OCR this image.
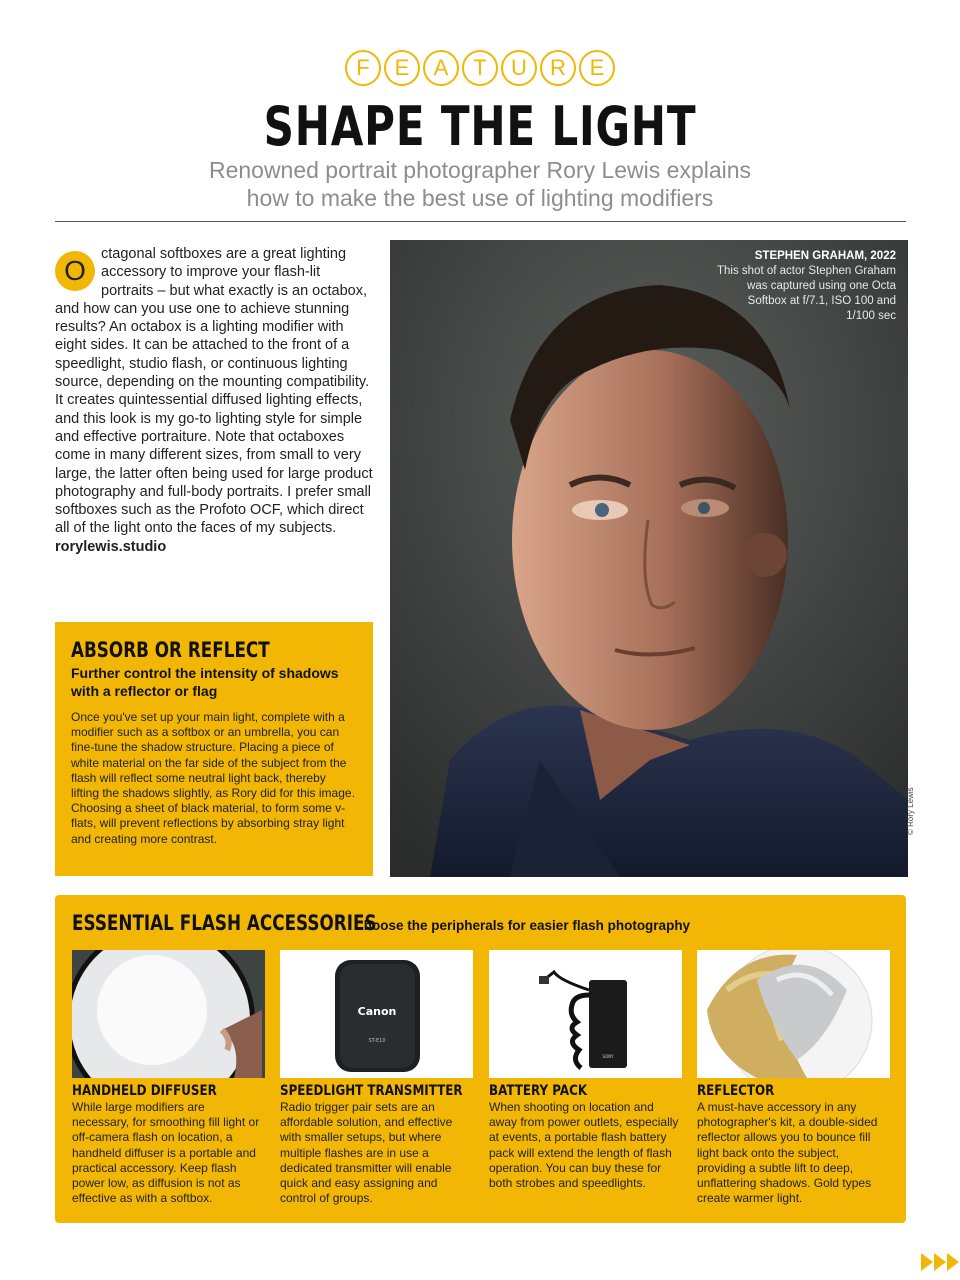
F	E	A	T	U	R	E
SHAPE THE LIGHT
Renowned portrait photographer Rory Lewis explains
how to make the best use of lighting modifiers
O
ctagonal softboxes are a great lighting accessory to improve your flash-lit portraits – but what exactly is an octabox, and how can you use one to achieve stunning results? An octabox is a lighting modifier with eight sides. It can be attached to the front of a speedlight, studio flash, or continuous lighting source, depending on the mounting compatibility. It creates quintessential diffused lighting effects, and this look is my go-to lighting style for simple and effective portraiture. Note that octaboxes come in many different sizes, from small to very large, the latter often being used for large product photography and full-body portraits. I prefer small softboxes such as the Profoto OCF, which direct all of the light onto the faces of my subjects.
rorylewis.studio
ABSORB OR REFLECT
Further control the intensity of shadows with a reflector or flag
Once you've set up your main light, complete with a modifier such as a softbox or an umbrella, you can fine-tune the shadow structure. Placing a piece of white material on the far side of the subject from the flash will reflect some neutral light back, thereby lifting the shadows slightly, as Rory did for this image. Choosing a sheet of black material, to form some v-flats, will prevent reflections by absorbing stray light and creating more contrast.
STEPHEN GRAHAM, 2022
This shot of actor Stephen Graham was captured using one Octa Softbox at f/7.1, ISO 100 and 1/100 sec
© Rory Lewis
ESSENTIAL FLASH ACCESSORIES
Choose the peripherals for easier flash photography
HANDHELD DIFFUSER
While large modifiers are necessary, for smoothing fill light or off-camera flash on location, a handheld diffuser is a portable and practical accessory. Keep flash power low, as diffusion is not as effective as with a softbox.
Canon
ST-E10
SPEEDLIGHT TRANSMITTER
Radio trigger pair sets are an affordable solution, and effective with smaller setups, but where multiple flashes are in use a dedicated transmitter will enable quick and easy assigning and control of groups.
SONY
BATTERY PACK
When shooting on location and away from power outlets, especially at events, a portable flash battery pack will extend the length of flash operation. You can buy these for both strobes and speedlights.
REFLECTOR
A must-have accessory in any photographer's kit, a double-sided reflector allows you to bounce fill light back onto the subject, providing a subtle lift to deep, unflattering shadows. Gold types create warmer light.
